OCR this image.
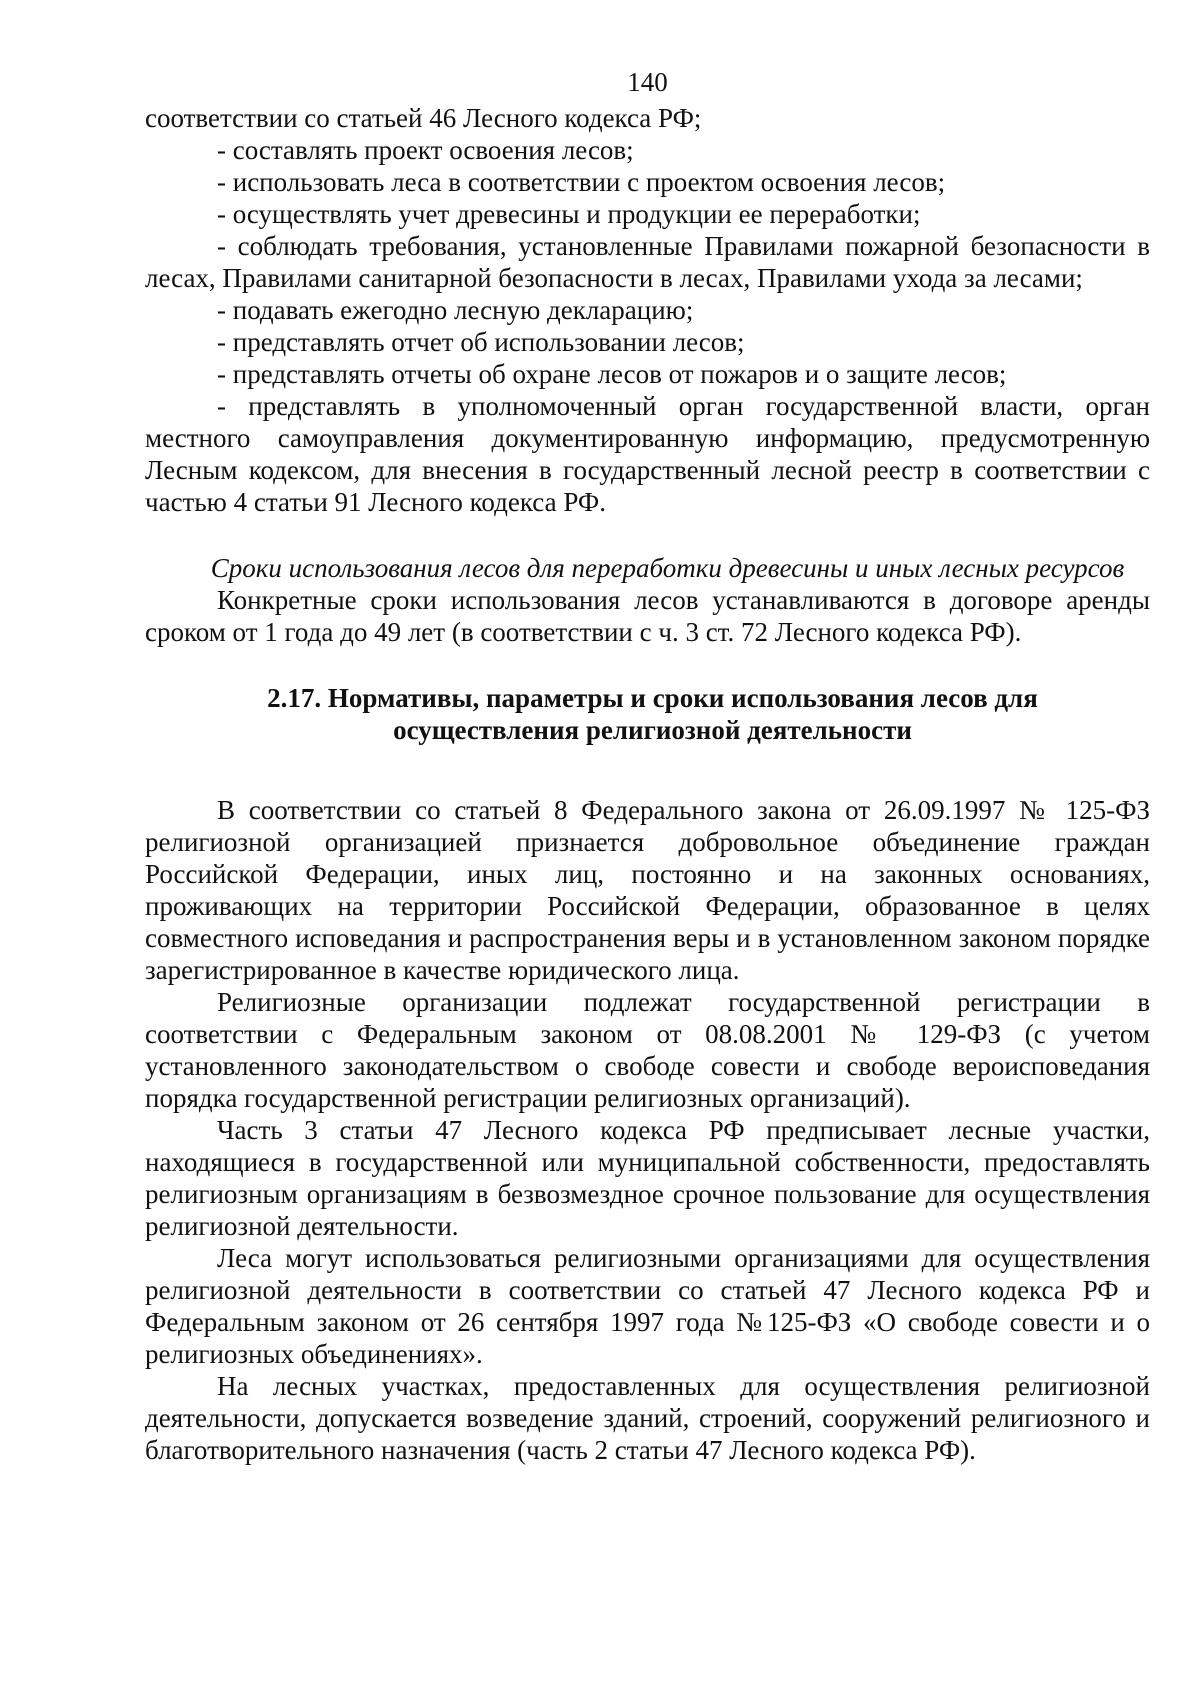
140

соответствии со статьей 46 Лесного кодекса РФ;

- составлять проект освоения лесов;

- использовать леса в соответствии с проектом освоения лесов;

- осуществлять учет древесины и продукции ее переработки;

- соблюдать требования, установленные Правилами пожарной безопасности в лесах, Правилами санитарной безопасности в лесах, Правилами ухода за лесами;

- подавать ежегодно лесную декларацию;

- представлять отчет об использовании лесов;

- представлять отчеты об охране лесов от пожаров и о защите лесов;

- представлять в уполномоченный орган государственной власти, орган местного самоуправления документированную информацию, предусмотренную Лесным кодексом, для внесения в государственный лесной реестр в соответствии с частью 4 статьи 91 Лесного кодекса РФ.

Сроки использования лесов для переработки древесины и иных лесных ресурсов

Конкретные сроки использования лесов устанавливаются в договоре аренды сроком от 1 года до 49 лет (в соответствии с ч. 3 ст. 72 Лесного кодекса РФ).

2.17. Нормативы, параметры и сроки использования лесов для осуществления религиозной деятельности

В соответствии со статьей 8 Федерального закона от 26.09.1997 № 125-ФЗ религиозной организацией признается добровольное объединение граждан Российской Федерации, иных лиц, постоянно и на законных основаниях, проживающих на территории Российской Федерации, образованное в целях совместного исповедания и распространения веры и в установленном законом порядке зарегистрированное в качестве юридического лица.

Религиозные организации подлежат государственной регистрации в соответствии с Федеральным законом от 08.08.2001 № 129-ФЗ (с учетом установленного законодательством о свободе совести и свободе вероисповедания порядка государственной регистрации религиозных организаций).

Часть 3 статьи 47 Лесного кодекса РФ предписывает лесные участки, находящиеся в государственной или муниципальной собственности, предоставлять религиозным организациям в безвозмездное срочное пользование для осуществления религиозной деятельности.

Леса могут использоваться религиозными организациями для осуществления религиозной деятельности в соответствии со статьей 47 Лесного кодекса РФ и Федеральным законом от 26 сентября 1997 года №125-ФЗ «О свободе совести и о религиозных объединениях».

На лесных участках, предоставленных для осуществления религиозной деятельности, допускается возведение зданий, строений, сооружений религиозного и благотворительного назначения (часть 2 статьи 47 Лесного кодекса РФ).
